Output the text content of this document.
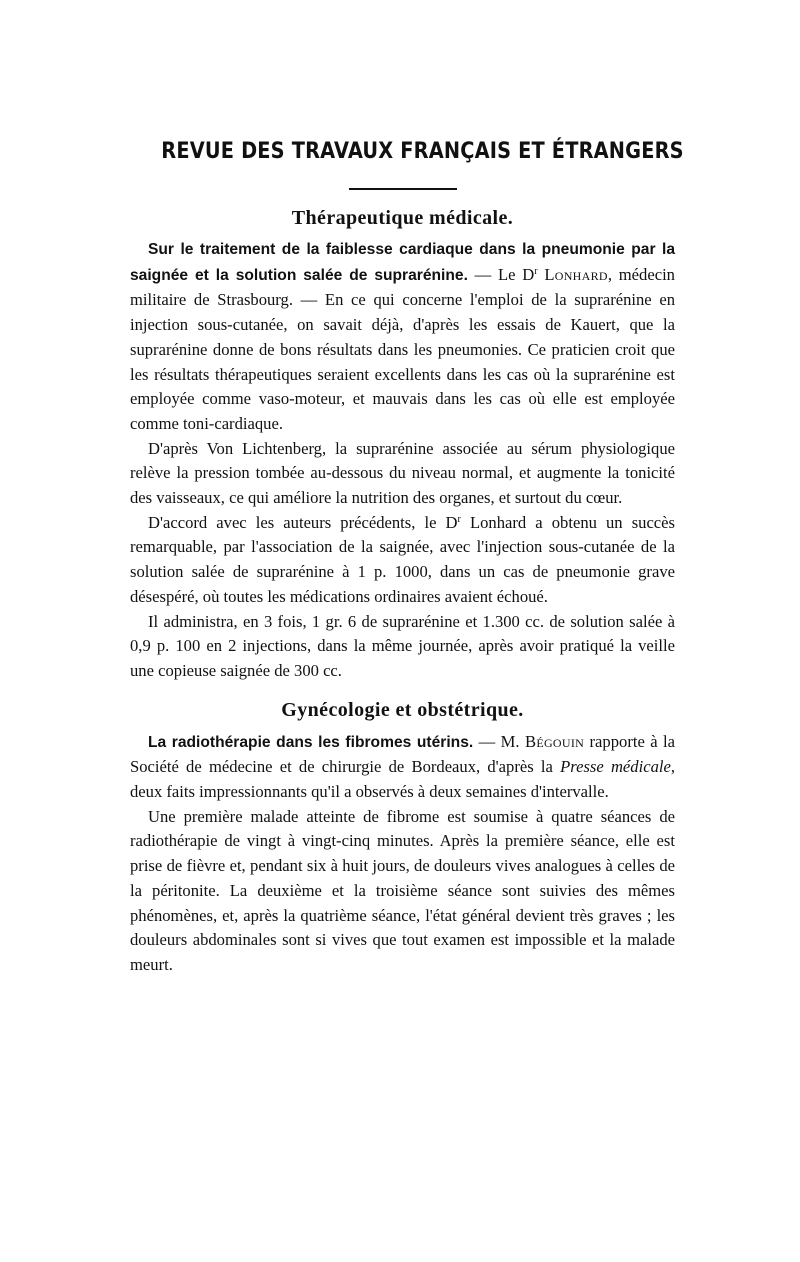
REVUE DES TRAVAUX FRANÇAIS ET ÉTRANGERS
Thérapeutique médicale.

Sur le traitement de la faiblesse cardiaque dans la pneumonie par la saignée et la solution salée de suprarénine. — Le $D^r$ Lonhard, médecin militaire de Strasbourg. — En ce qui concerne l'emploi de la suprarénine en injection sous-cutanée, on savait déjà, d'après les essais de Kauert, que la suprarénine donne de bons résultats dans les pneumonies. Ce praticien croit que les résultats thérapeutiques seraient excellents dans les cas où la suprarénine est employée comme vaso-moteur, et mauvais dans les cas où elle est employée comme toni-cardiaque.

D'après Von Lichtenberg, la suprarénine associée au sérum physiologique relève la pression tombée au-dessous du niveau normal, et augmente la tonicité des vaisseaux, ce qui améliore la nutrition des organes, et surtout du cœur.

D'accord avec les auteurs précédents, le $D^r$ Lonhard a obtenu un succès remarquable, par l'association de la saignée, avec l'injection sous-cutanée de la solution salée de suprarénine à 1 p. 1000, dans un cas de pneumonie grave désespéré, où toutes les médications ordinaires avaient échoué.

Il administra, en 3 fois, 1 gr. 6 de suprarénine et 1.300 cc. de solution salée à 0,9 p. 100 en 2 injections, dans la même journée, après avoir pratiqué la veille une copieuse saignée de 300 cc.

Gynécologie et obstétrique.

La radiothérapie dans les fibromes utérins. — M. Bégouin rapporte à la Société de médecine et de chirurgie de Bordeaux, d'après la Presse médicale, deux faits impressionnants qu'il a observés à deux semaines d'intervalle.

Une première malade atteinte de fibrome est soumise à quatre séances de radiothérapie de vingt à vingt-cinq minutes. Après la première séance, elle est prise de fièvre et, pendant six à huit jours, de douleurs vives analogues à celles de la péritonite. La deuxième et la troisième séance sont suivies des mêmes phénomènes, et, après la quatrième séance, l'état général devient très graves ; les douleurs abdominales sont si vives que tout examen est impossible et la malade meurt.
